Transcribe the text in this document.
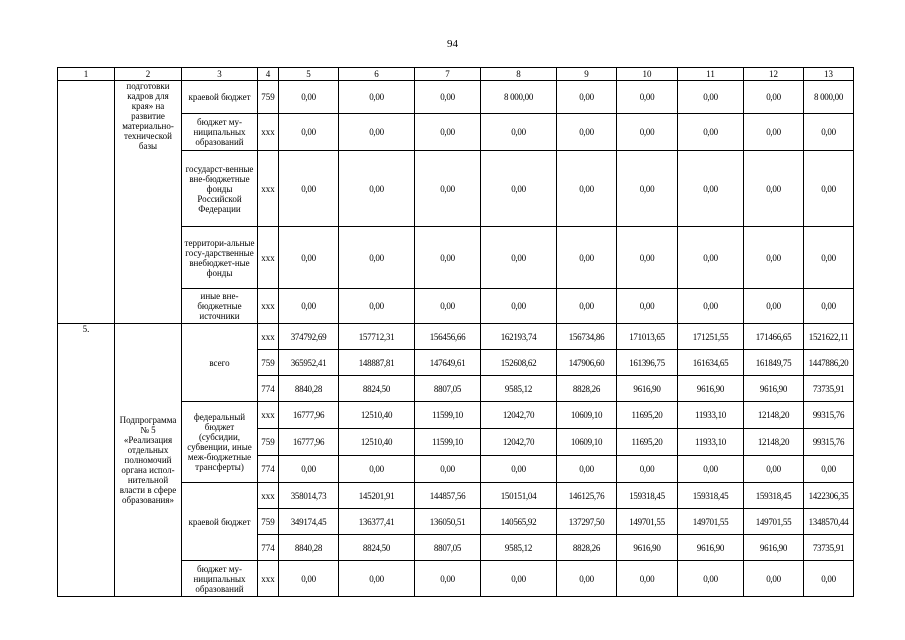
94
1	2	3	4	5	6	7	8	9	10	11	12	13
	подготовки кадров для края» на развитие материально-технической базы	краевой бюджет	759	0,00	0,00	0,00	8 000,00	0,00	0,00	0,00	0,00	8 000,00
		бюджет му-ниципальных образований	ххх	0,00	0,00	0,00	0,00	0,00	0,00	0,00	0,00	0,00
		государст-венные вне-бюджетные фонды Российской Федерации	ххх	0,00	0,00	0,00	0,00	0,00	0,00	0,00	0,00	0,00
		территори-альные госу-дарственные внебюджет-ные фонды	ххх	0,00	0,00	0,00	0,00	0,00	0,00	0,00	0,00	0,00
		иные вне-бюджетные источники	ххх	0,00	0,00	0,00	0,00	0,00	0,00	0,00	0,00	0,00
5.	Подпрограмма № 5 «Реализация отдельных полномочий органа испол-нительной власти в сфере образования»	всего	ххх	374792,69	157712,31	156456,66	162193,74	156734,86	171013,65	171251,55	171466,65	1521622,11
			759	365952,41	148887,81	147649,61	152608,62	147906,60	161396,75	161634,65	161849,75	1447886,20
			774	8840,28	8824,50	8807,05	9585,12	8828,26	9616,90	9616,90	9616,90	73735,91
		федеральный бюджет (субсидии, субвенции, иные меж-бюджетные трансферты)	ххх	16777,96	12510,40	11599,10	12042,70	10609,10	11695,20	11933,10	12148,20	99315,76
			759	16777,96	12510,40	11599,10	12042,70	10609,10	11695,20	11933,10	12148,20	99315,76
			774	0,00	0,00	0,00	0,00	0,00	0,00	0,00	0,00	0,00
		краевой бюджет	ххх	358014,73	145201,91	144857,56	150151,04	146125,76	159318,45	159318,45	159318,45	1422306,35
			759	349174,45	136377,41	136050,51	140565,92	137297,50	149701,55	149701,55	149701,55	1348570,44
			774	8840,28	8824,50	8807,05	9585,12	8828,26	9616,90	9616,90	9616,90	73735,91
		бюджет му-ниципальных образований	ххх	0,00	0,00	0,00	0,00	0,00	0,00	0,00	0,00	0,00
